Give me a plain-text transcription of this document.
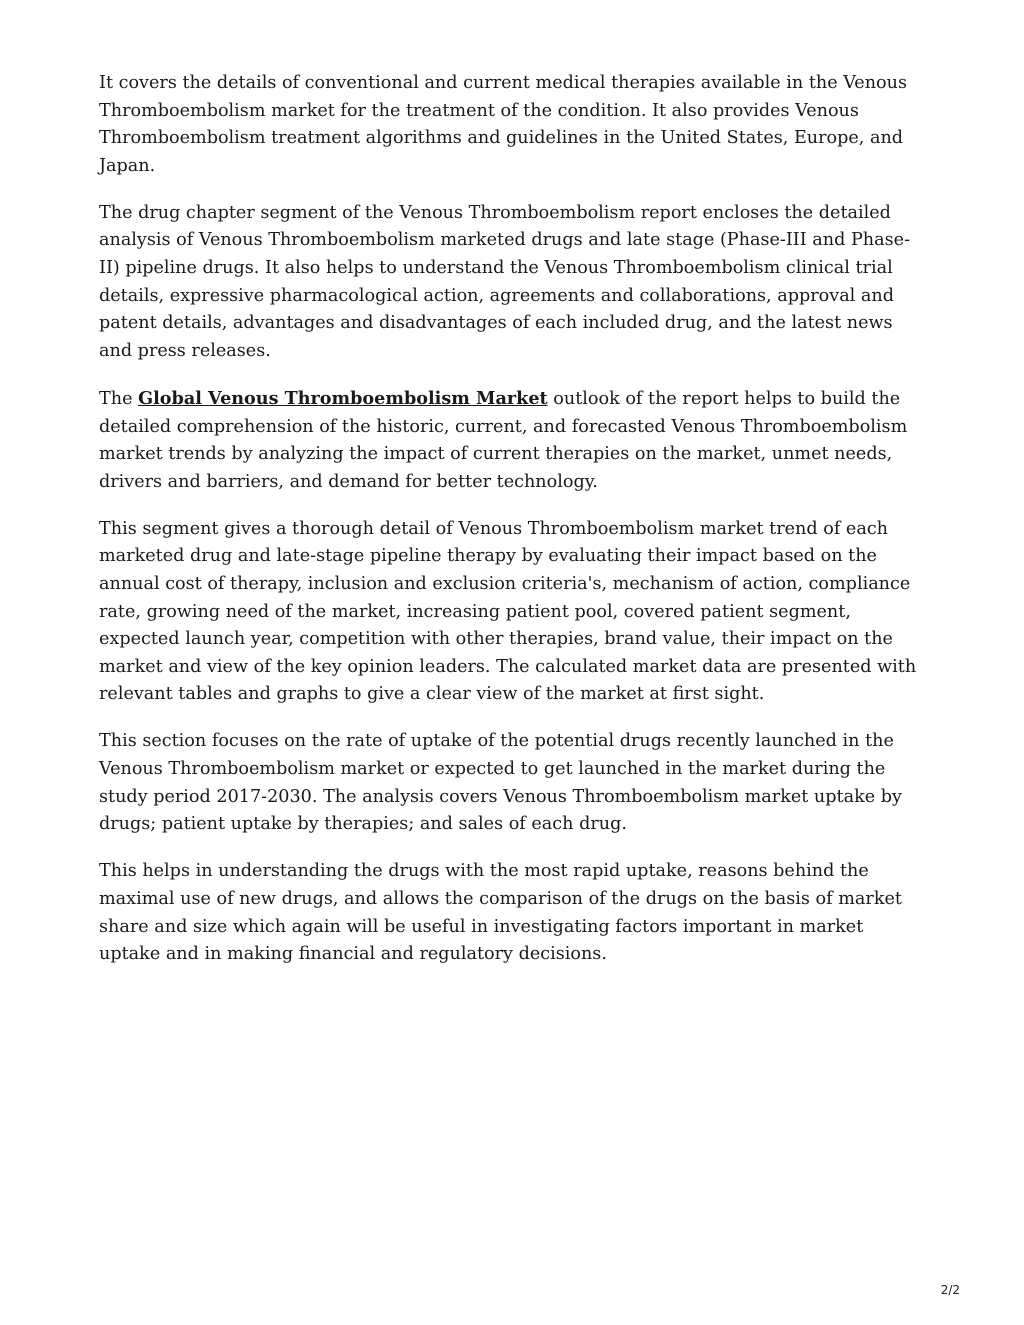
It covers the details of conventional and current medical therapies available in the Venous Thromboembolism market for the treatment of the condition. It also provides Venous Thromboembolism treatment algorithms and guidelines in the United States, Europe, and Japan.

The drug chapter segment of the Venous Thromboembolism report encloses the detailed analysis of Venous Thromboembolism marketed drugs and late stage (Phase-III and Phase-II) pipeline drugs. It also helps to understand the Venous Thromboembolism clinical trial details, expressive pharmacological action, agreements and collaborations, approval and patent details, advantages and disadvantages of each included drug, and the latest news and press releases.

The Global Venous Thromboembolism Market outlook of the report helps to build the detailed comprehension of the historic, current, and forecasted Venous Thromboembolism market trends by analyzing the impact of current therapies on the market, unmet needs, drivers and barriers, and demand for better technology.

This segment gives a thorough detail of Venous Thromboembolism market trend of each marketed drug and late-stage pipeline therapy by evaluating their impact based on the annual cost of therapy, inclusion and exclusion criteria's, mechanism of action, compliance rate, growing need of the market, increasing patient pool, covered patient segment, expected launch year, competition with other therapies, brand value, their impact on the market and view of the key opinion leaders. The calculated market data are presented with relevant tables and graphs to give a clear view of the market at first sight.

This section focuses on the rate of uptake of the potential drugs recently launched in the Venous Thromboembolism market or expected to get launched in the market during the study period 2017-2030. The analysis covers Venous Thromboembolism market uptake by drugs; patient uptake by therapies; and sales of each drug.

This helps in understanding the drugs with the most rapid uptake, reasons behind the maximal use of new drugs, and allows the comparison of the drugs on the basis of market share and size which again will be useful in investigating factors important in market uptake and in making financial and regulatory decisions.

2/2
